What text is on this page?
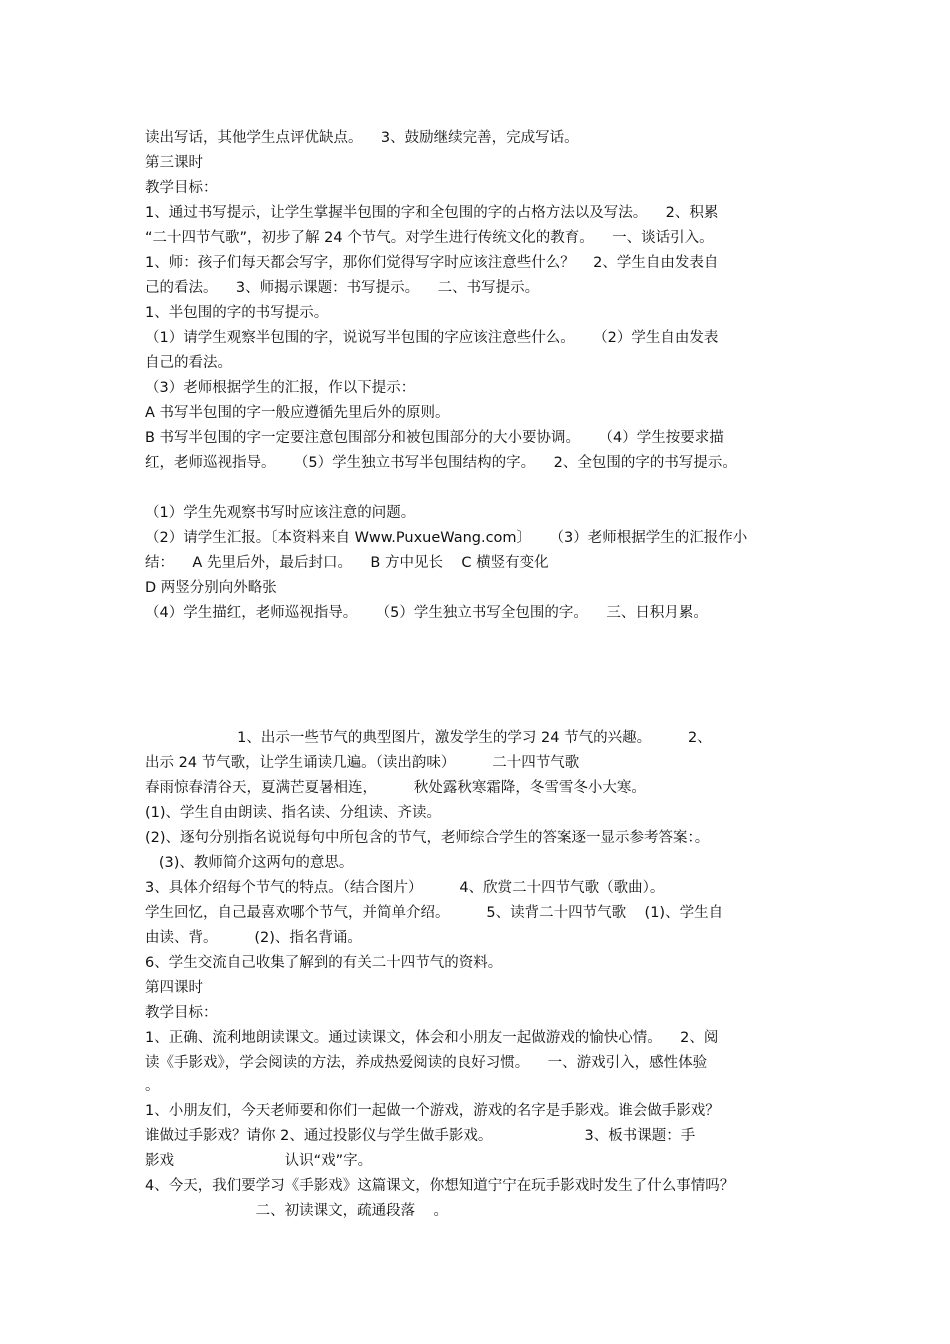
读出写话，其他学生点评优缺点。    3、鼓励继续完善，完成写话。
第三课时
教学目标：
1、通过书写提示，让学生掌握半包围的字和全包围的字的占格方法以及写法。    2、积累
“二十四节气歌”，初步了解 24 个节气。对学生进行传统文化的教育。    一、谈话引入。
1、师：孩子们每天都会写字，那你们觉得写字时应该注意些什么？    2、学生自由发表自
己的看法。    3、师揭示课题：书写提示。    二、书写提示。
1、半包围的字的书写提示。
（1）请学生观察半包围的字，说说写半包围的字应该注意些什么。    （2）学生自由发表
自己的看法。
（3）老师根据学生的汇报，作以下提示：
A 书写半包围的字一般应遵循先里后外的原则。
B 书写半包围的字一定要注意包围部分和被包围部分的大小要协调。    （4）学生按要求描
红，老师巡视指导。    （5）学生独立书写半包围结构的字。    2、全包围的字的书写提示。
（1）学生先观察书写时应该注意的问题。
（2）请学生汇报。〔本资料来自 Www.PuxueWang.com〕    （3）老师根据学生的汇报作小
结：    A 先里后外，最后封口。    B 方中见长    C 横竖有变化
D 两竖分别向外略张
（4）学生描红，老师巡视指导。    （5）学生独立书写全包围的字。    三、日积月累。
1、出示一些节气的典型图片，激发学生的学习 24 节气的兴趣。        2、
出示 24 节气歌，让学生诵读几遍。（读出韵味）        二十四节气歌
春雨惊春清谷天，夏满芒夏暑相连，        秋处露秋寒霜降，冬雪雪冬小大寒。
(1)、学生自由朗读、指名读、分组读、齐读。
(2)、逐句分别指名说说每句中所包含的节气，老师综合学生的答案逐一显示参考答案：。
(3)、教师简介这两句的意思。
3、具体介绍每个节气的特点。（结合图片）        4、欣赏二十四节气歌（歌曲）。
学生回忆，自己最喜欢哪个节气，并简单介绍。        5、读背二十四节气歌    (1)、学生自
由读、背。        (2)、指名背诵。
6、学生交流自己收集了解到的有关二十四节气的资料。
第四课时
教学目标：
1、正确、流利地朗读课文。通过读课文，体会和小朋友一起做游戏的愉快心情。    2、阅
读《手影戏》，学会阅读的方法，养成热爱阅读的良好习惯。    一、游戏引入，感性体验
。
1、小朋友们，今天老师要和你们一起做一个游戏，游戏的名字是手影戏。谁会做手影戏？
谁做过手影戏？请你 2、通过投影仪与学生做手影戏。                    3、板书课题：手
影戏                        认识“戏”字。
4、今天，我们要学习《手影戏》这篇课文，你想知道宁宁在玩手影戏时发生了什么事情吗？
二、初读课文，疏通段落    。
